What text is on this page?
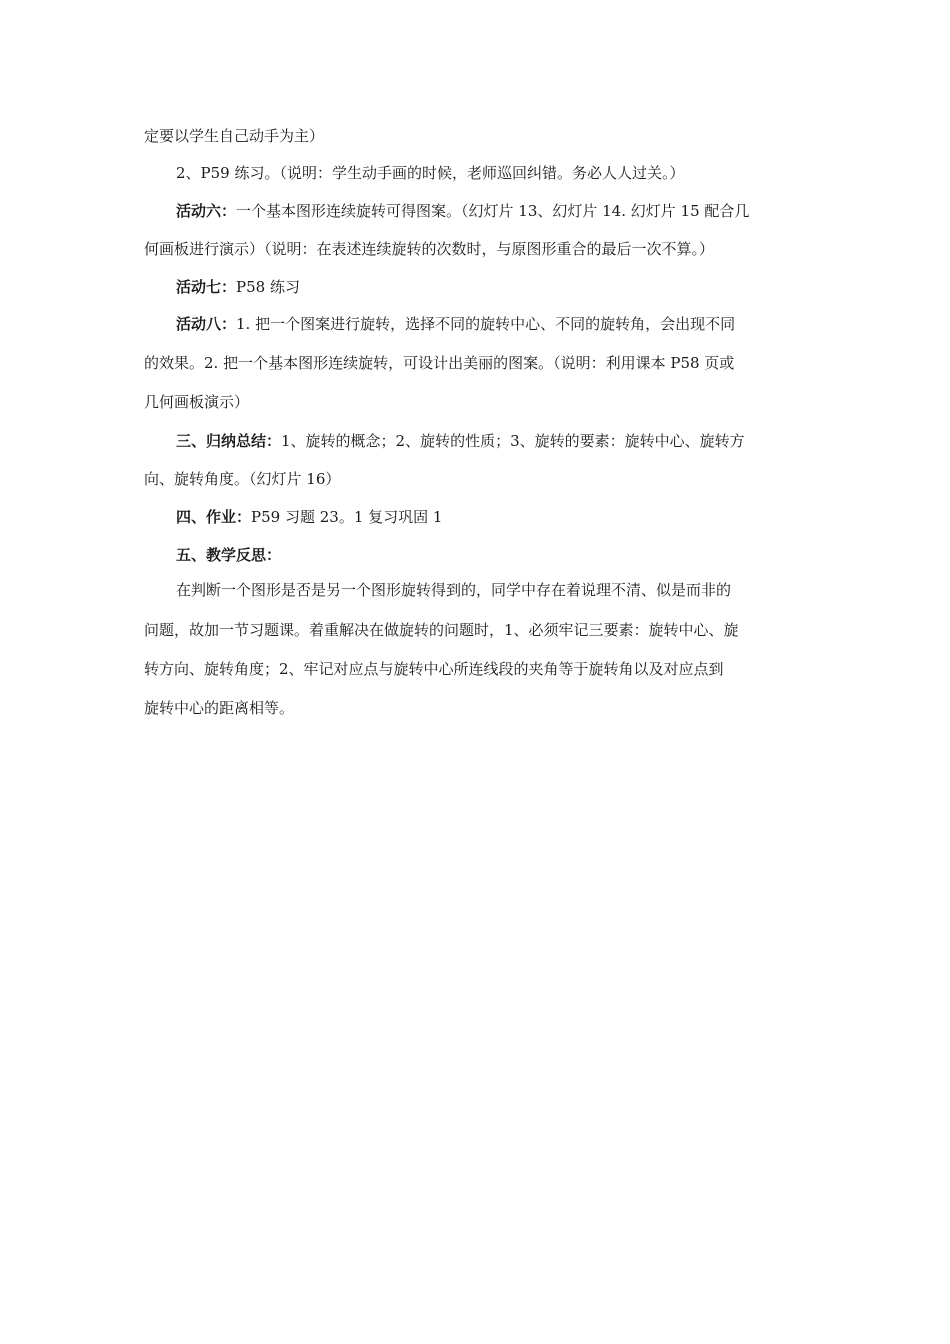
定要以学生自己动手为主）
2、P59 练习。（说明：学生动手画的时候，老师巡回纠错。务必人人过关。）
活动六：一个基本图形连续旋转可得图案。（幻灯片 13、幻灯片 14. 幻灯片 15 配合几
何画板进行演示）（说明：在表述连续旋转的次数时，与原图形重合的最后一次不算。）
活动七：P58 练习
活动八：1. 把一个图案进行旋转，选择不同的旋转中心、不同的旋转角，会出现不同
的效果。2. 把一个基本图形连续旋转，可设计出美丽的图案。（说明：利用课本 P58 页或
几何画板演示）
三、归纳总结：1、旋转的概念；2、旋转的性质；3、旋转的要素：旋转中心、旋转方
向、旋转角度。（幻灯片 16）
四、作业：P59 习题 23。1 复习巩固 1
五、教学反思：
在判断一个图形是否是另一个图形旋转得到的，同学中存在着说理不清、似是而非的
问题，故加一节习题课。着重解决在做旋转的问题时，1、必须牢记三要素：旋转中心、旋
转方向、旋转角度；2、牢记对应点与旋转中心所连线段的夹角等于旋转角以及对应点到
旋转中心的距离相等。
